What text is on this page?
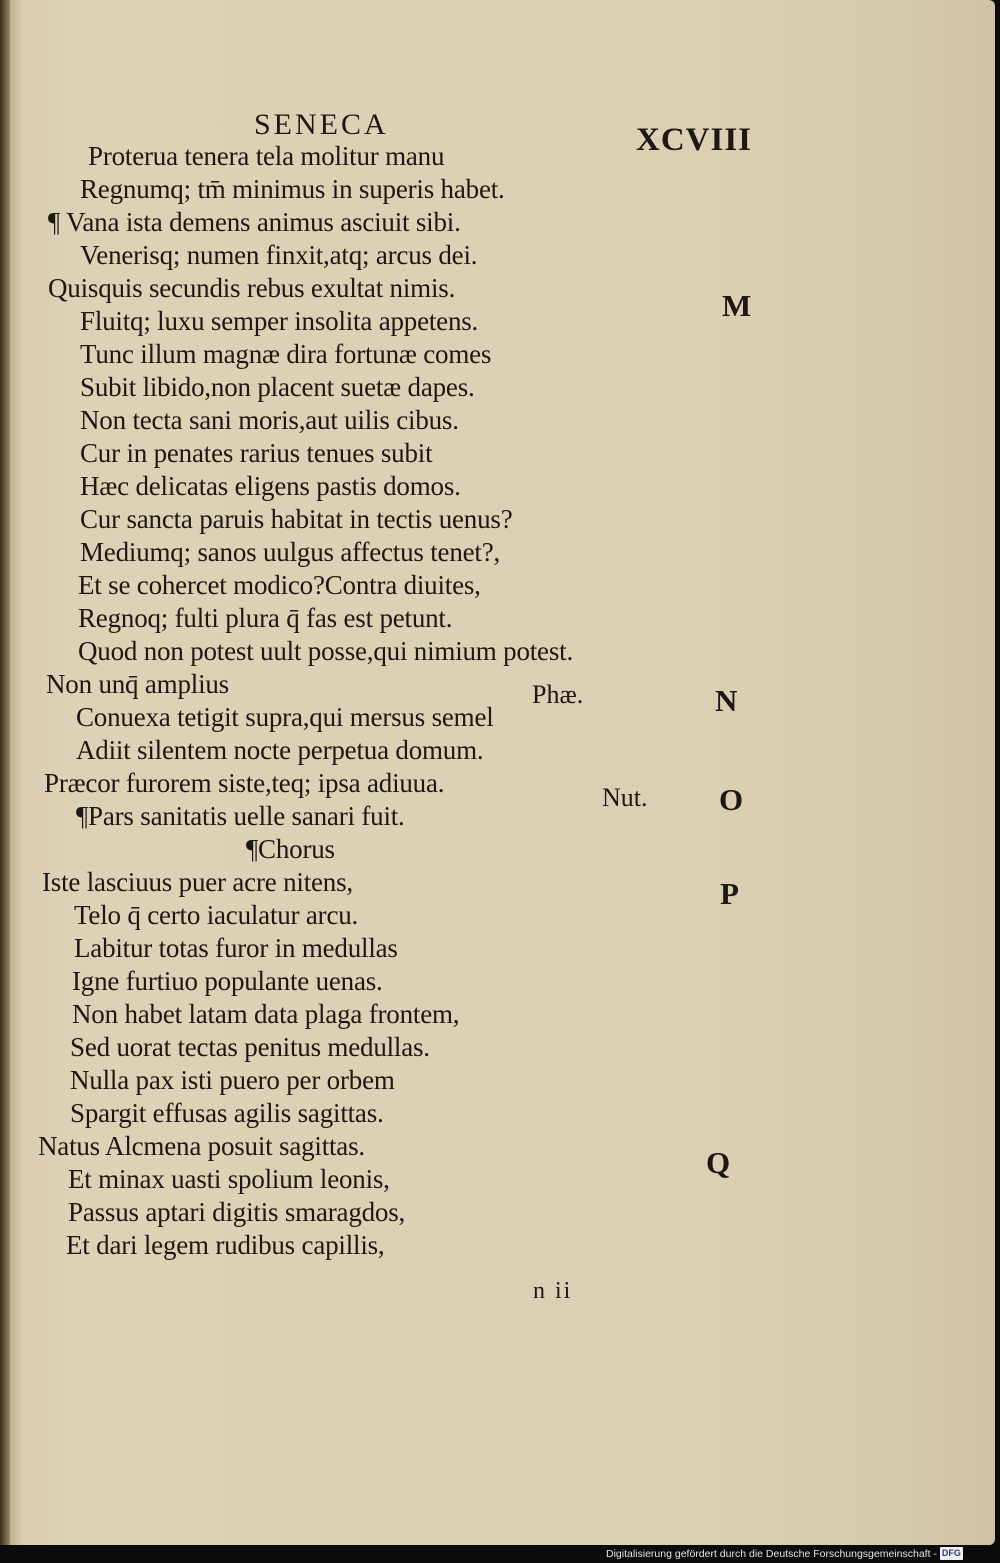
SENECA	XCVIII
Proterua tenera tela molitur manu
Regnumq; tm̄ minimus in superis habet.
¶ Vana ista demens animus asciuit sibi.
Venerisq; numen finxit,atq; arcus dei.
Quisquis secundis rebus exultat nimis.
Fluitq; luxu semper insolita appetens.
Tunc illum magnæ dira fortunæ comes
Subit libido,non placent suetæ dapes.
Non tecta sani moris,aut uilis cibus.
Cur in penates rarius tenues subit
Hæc delicatas eligens pastis domos.
Cur sancta paruis habitat in tectis uenus?
Mediumq; sanos uulgus affectus tenet?,
Et se cohercet modico?Contra diuites,
Regnoq; fulti plura q̄ fas est petunt.
Quod non potest uult posse,qui nimium potest.
Non unq̄ amplius
Conuexa tetigit supra,qui mersus semel
Adiit silentem nocte perpetua domum.
Præcor furorem siste,teq; ipsa adiuua.
¶Pars sanitatis uelle sanari fuit.
¶Chorus
Iste lasciuus puer acre nitens,
Telo q̄ certo iaculatur arcu.
Labitur totas furor in medullas
Igne furtiuo populante uenas.
Non habet latam data plaga frontem,
Sed uorat tectas penitus medullas.
Nulla pax isti puero per orbem
Spargit effusas agilis sagittas.
Natus Alcmena posuit sagittas.
Et minax uasti spolium leonis,
Passus aptari digitis smaragdos,
Et dari legem rudibus capillis,
Phæ.
Nut.
M
N
O
P
Q
n ii
Digitalisierung gefördert durch die Deutsche Forschungsgemeinschaft - DFG
